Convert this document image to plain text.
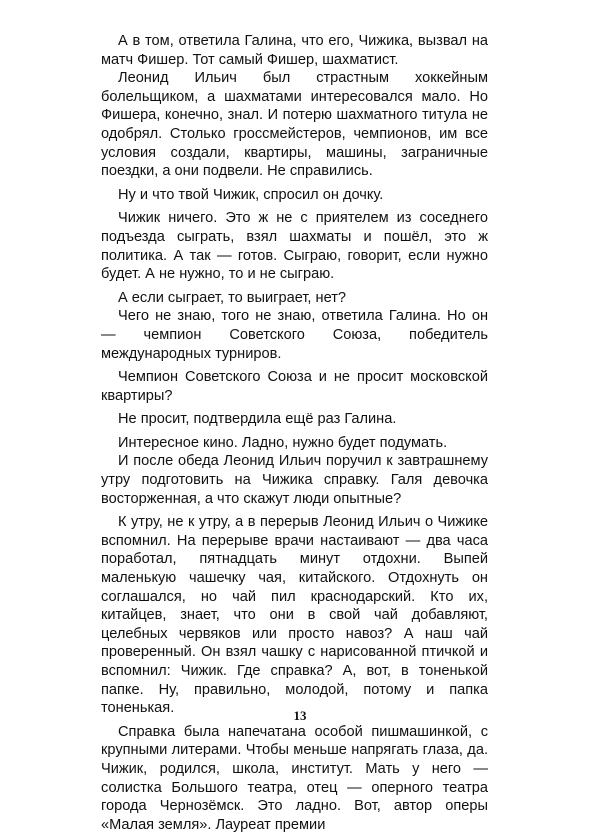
А в том, ответила Галина, что его, Чижика, вызвал на матч Фишер. Тот самый Фишер, шахматист.

Леонид Ильич был страстным хоккейным болельщиком, а шахматами интересовался мало. Но Фишера, конечно, знал. И потерю шахматного титула не одобрял. Столько гроссмейстеров, чемпионов, им все условия создали, квартиры, машины, заграничные поездки, а они подвели. Не справились.

Ну и что твой Чижик, спросил он дочку.

Чижик ничего. Это ж не с приятелем из соседнего подъезда сыграть, взял шахматы и пошёл, это ж политика. А так — готов. Сыграю, говорит, если нужно будет. А не нужно, то и не сыграю.

А если сыграет, то выиграет, нет?

Чего не знаю, того не знаю, ответила Галина. Но он — чемпион Советского Союза, победитель международных турниров.

Чемпион Советского Союза и не просит московской квартиры?

Не просит, подтвердила ещё раз Галина.

Интересное кино. Ладно, нужно будет подумать.

И после обеда Леонид Ильич поручил к завтрашнему утру подготовить на Чижика справку. Галя девочка восторженная, а что скажут люди опытные?

К утру, не к утру, а в перерыв Леонид Ильич о Чижике вспомнил. На перерыве врачи настаивают — два часа поработал, пятнадцать минут отдохни. Выпей маленькую чашечку чая, китайского. Отдохнуть он соглашался, но чай пил краснодарский. Кто их, китайцев, знает, что они в свой чай добавляют, целебных червяков или просто навоз? А наш чай проверенный. Он взял чашку с нарисованной птичкой и вспомнил: Чижик. Где справка? А, вот, в тоненькой папке. Ну, правильно, молодой, потому и папка тоненькая.

Справка была напечатана особой пишмашинкой, с крупными литерами. Чтобы меньше напрягать глаза, да. Чижик, родился, школа, институт. Мать у него — солистка Большого театра, отец — оперного театра города Чернозёмск. Это ладно. Вот, автор оперы «Малая земля». Лауреат премии

13
